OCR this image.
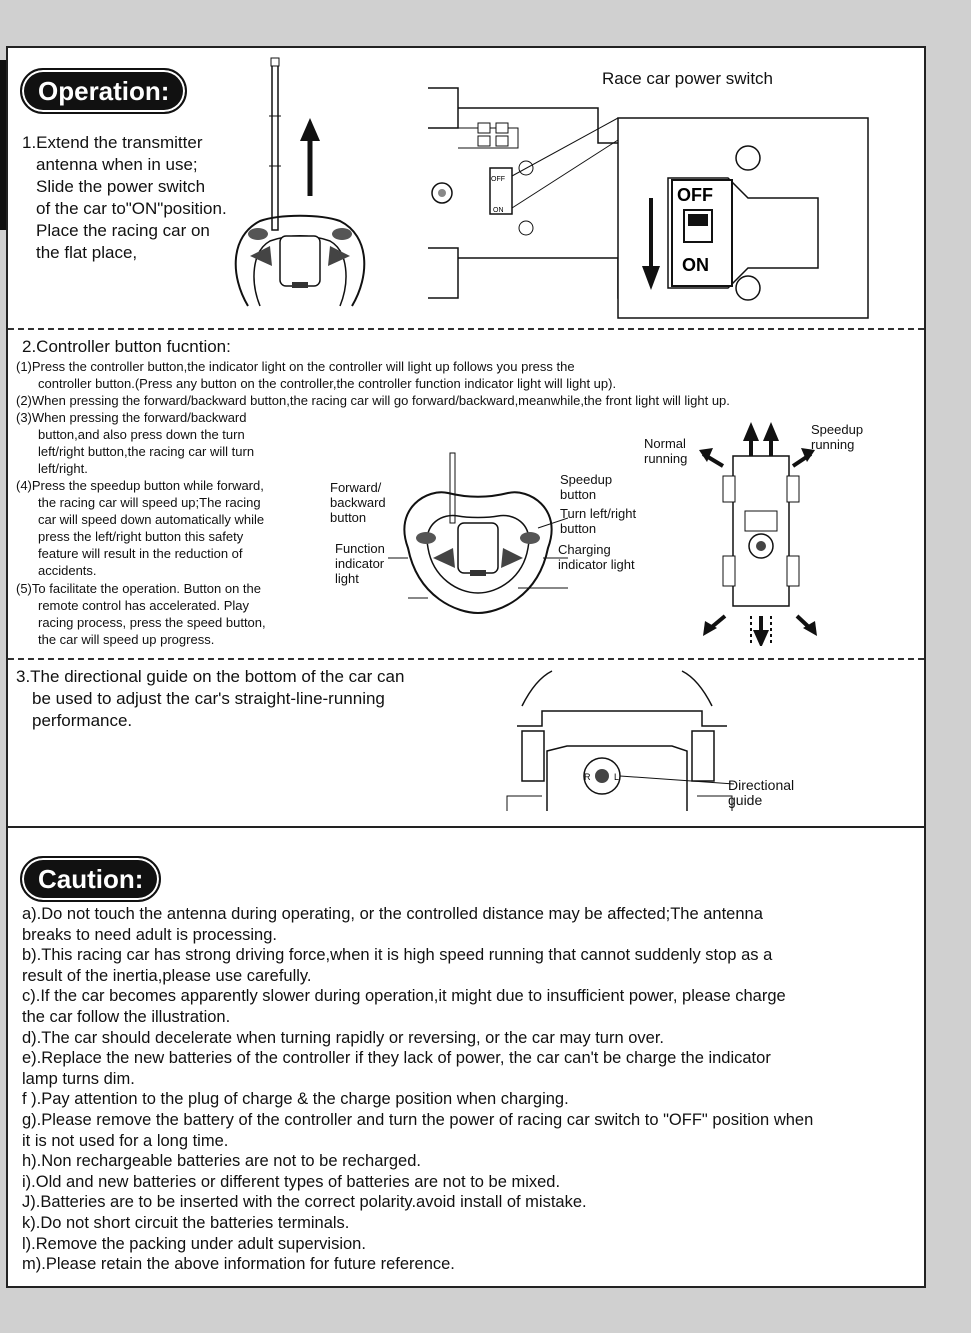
Operation:
1.Extend the transmitter
antenna when in use;
Slide the power switch
of the car to"ON"position.
Place the racing car on
the flat place,
OFF
ON
OFF
ON
Race car power switch
2.Controller button fucntion:
(1)Press the controller button,the indicator light on the controller will light up follows you press the
controller button.(Press any button on the controller,the controller function indicator light will light up).
(2)When pressing the forward/backward button,the racing car will go forward/backward,meanwhile,the front light will light up.
(3)When pressing the forward/backward
button,and also press down the turn
left/right button,the racing car will turn
left/right.
(4)Press the speedup button while forward,
the racing car will speed up;The racing
car will speed down automatically while
press the left/right button this safety
feature will result in the reduction of
accidents.
(5)To facilitate the operation. Button on the
remote control has accelerated. Play
racing process, press the speed button,
the car will speed up progress.
Forward/
backward
button
Function
indicator
light
Speedup
button
Turn left/right
button
Charging
indicator light
Normal
running
Speedup
running
3.The directional guide on the bottom of the car can
be used to adjust the car's straight-line-running
performance.
R	L	Directional
guide
Caution:
a).Do not touch the antenna during operating, or the controlled distance may be affected;The antenna
breaks to need adult is processing.
b).This racing car has strong driving force,when it is high speed running that cannot suddenly stop as a
result of the inertia,please use carefully.
c).If the car becomes apparently slower during operation,it might due to insufficient power, please charge
the car follow the illustration.
d).The car should decelerate when turning rapidly or reversing, or the car may turn over.
e).Replace the new batteries of the controller if they lack of power, the car can't be charge the indicator
lamp turns dim.
f ).Pay attention to the plug of charge & the charge position when charging.
g).Please remove the battery of the controller and turn the power of racing car switch to "OFF" position when
it is not used for a long time.
h).Non rechargeable batteries are not to be recharged.
i).Old and new batteries or different types of batteries are not to be mixed.
J).Batteries are to be inserted with the correct polarity.avoid install of mistake.
k).Do not short circuit the batteries terminals.
l).Remove the packing under adult supervision.
m).Please retain the above information for future reference.
